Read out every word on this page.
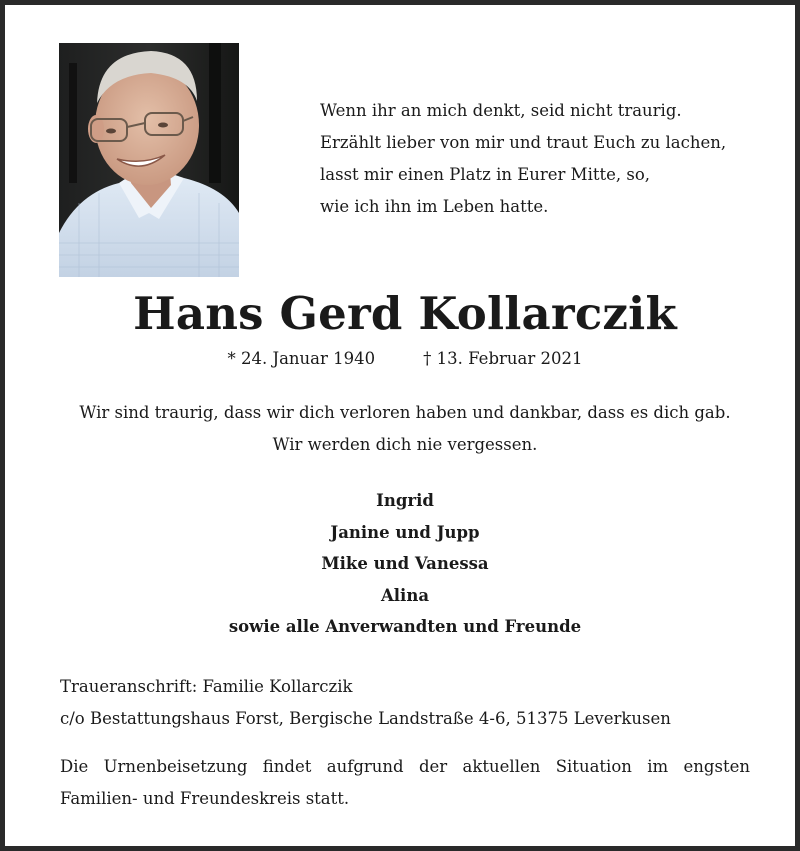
Wenn ihr an mich denkt, seid nicht traurig.
Erzählt lieber von mir und traut Euch zu lachen,
lasst mir einen Platz in Eurer Mitte, so,
wie ich ihn im Leben hatte.
Hans Gerd Kollarczik
* 24. Januar 1940	† 13. Februar 2021
Wir sind traurig, dass wir dich verloren haben und dankbar, dass es dich gab.
Wir werden dich nie vergessen.
Ingrid
Janine und Jupp
Mike und Vanessa
Alina
sowie alle Anverwandten und Freunde
Traueranschrift: Familie Kollarczik
c/o Bestattungshaus Forst, Bergische Landstraße 4-6, 51375 Leverkusen
Die Urnenbeisetzung findet aufgrund der aktuellen Situation im engsten Familien- und Freundeskreis statt.
